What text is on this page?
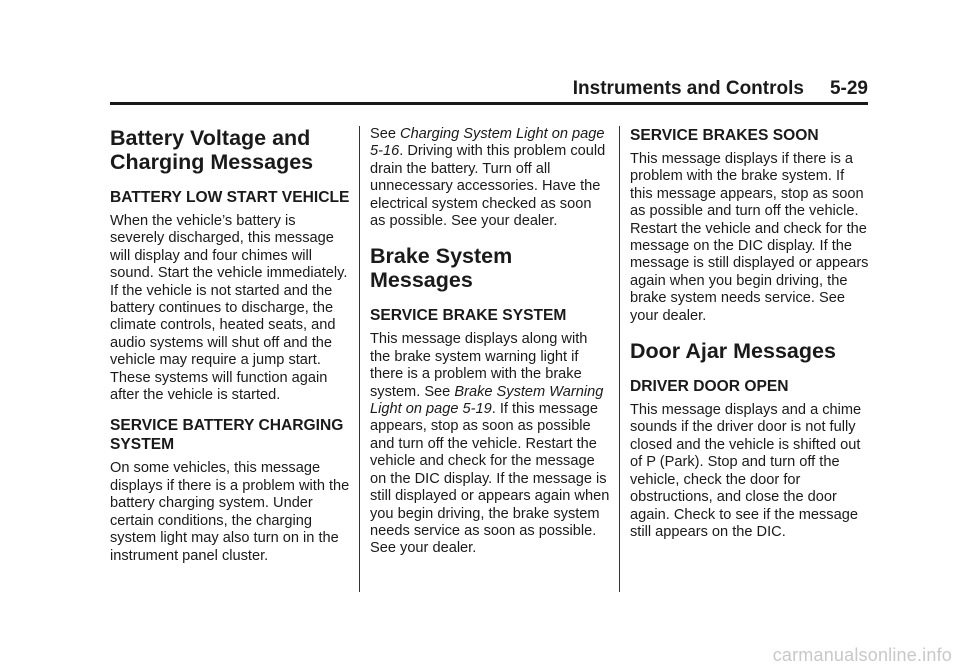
Instruments and Controls 5-29
Battery Voltage and Charging Messages
BATTERY LOW START VEHICLE

When the vehicle’s battery is severely discharged, this message will display and four chimes will sound. Start the vehicle immediately. If the vehicle is not started and the battery continues to discharge, the climate controls, heated seats, and audio systems will shut off and the vehicle may require a jump start. These systems will function again after the vehicle is started.

SERVICE BATTERY CHARGING SYSTEM

On some vehicles, this message displays if there is a problem with the battery charging system. Under certain conditions, the charging system light may also turn on in the instrument panel cluster.

See Charging System Light on page 5-16. Driving with this problem could drain the battery. Turn off all unnecessary accessories. Have the electrical system checked as soon as possible. See your dealer.

Brake System Messages
SERVICE BRAKE SYSTEM

This message displays along with the brake system warning light if there is a problem with the brake system. See Brake System Warning Light on page 5-19. If this message appears, stop as soon as possible and turn off the vehicle. Restart the vehicle and check for the message on the DIC display. If the message is still displayed or appears again when you begin driving, the brake system needs service as soon as possible. See your dealer.

SERVICE BRAKES SOON

This message displays if there is a problem with the brake system. If this message appears, stop as soon as possible and turn off the vehicle. Restart the vehicle and check for the message on the DIC display. If the message is still displayed or appears again when you begin driving, the brake system needs service. See your dealer.

Door Ajar Messages
DRIVER DOOR OPEN

This message displays and a chime sounds if the driver door is not fully closed and the vehicle is shifted out of P (Park). Stop and turn off the vehicle, check the door for obstructions, and close the door again. Check to see if the message still appears on the DIC.

carmanualsonline.info
